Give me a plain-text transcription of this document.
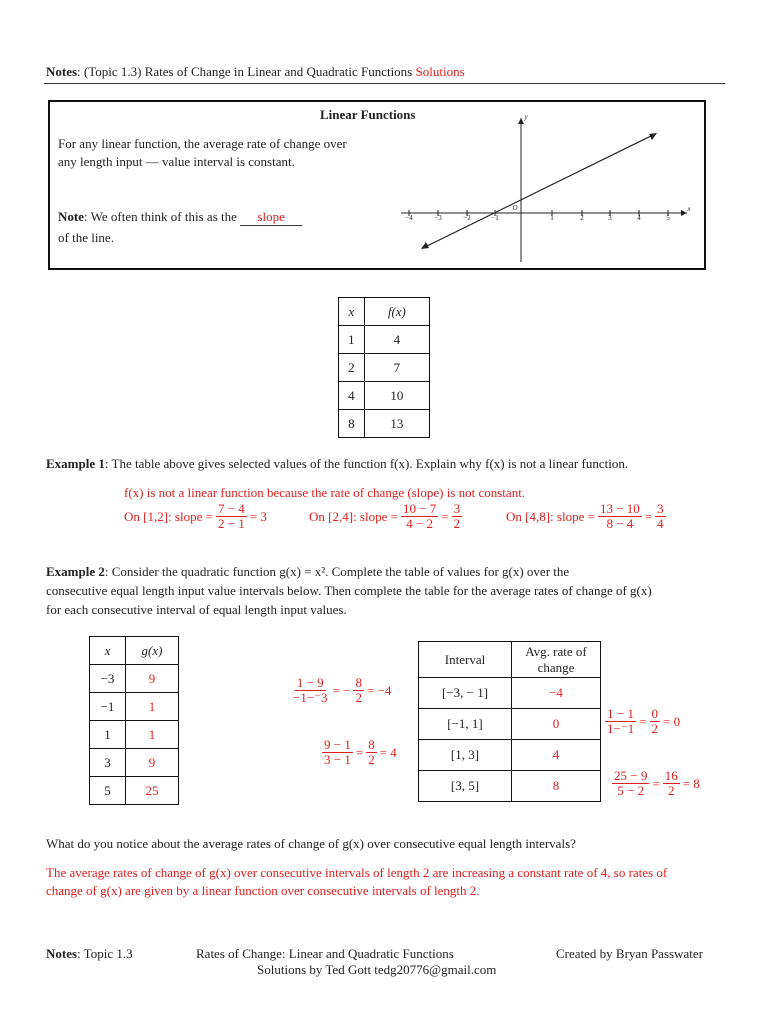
Notes: (Topic 1.3) Rates of Change in Linear and Quadratic Functions Solutions
Linear Functions
For any linear function, the average rate of change over
any length input — value interval is constant.
Note: We often think of this as the slope
of the line.
−4	−3	−2	−1	1	2	3	4	5
O	x
y
x	f(x)
1	4
2	7
4	10
8	13
Example 1: The table above gives selected values of the function f(x). Explain why f(x) is not a linear function.
f(x) is not a linear function because the rate of change (slope) is not constant.
On [1,2]: slope = $\frac{7 - 4}{2 - 1} = 3$	On [2,4]: slope = $\frac{10 - 7}{4 - 2} = \frac{3}{2}$	On [4,8]: slope = $\frac{13 - 10}{8 - 4} = \frac{3}{4}$
Example 2: Consider the quadratic function g(x) = x². Complete the table of values for g(x) over the
consecutive equal length input value intervals below. Then complete the table for the average rates of change of g(x)
for each consecutive interval of equal length input values.
x	g(x)
−3	9
−1	1
1	1
3	9
5	25
Interval	Avg. rate of change
[−3, − 1]	−4
[−1, 1]	0
[1, 3]	4
[3, 5]	8
$\frac{1 - 9}{-1-^-3}$ = − $\frac{8}{2} = -4$
$\frac{9 - 1}{3 - 1} = \frac{8}{2} = 4$
$\frac{1 - 1}{1-^-1} = \frac{0}{2} = 0$
$\frac{25 - 9}{5 - 2} = \frac{16}{2} = 8$
What do you notice about the average rates of change of g(x) over consecutive equal length intervals?
The average rates of change of g(x) over consecutive intervals of length 2 are increasing a constant rate of 4, so rates of
change of g(x) are given by a linear function over consecutive intervals of length 2.
Notes: Topic 1.3	Rates of Change: Linear and Quadratic Functions	Created by Bryan Passwater
Solutions by Ted Gott tedg20776@gmail.com
